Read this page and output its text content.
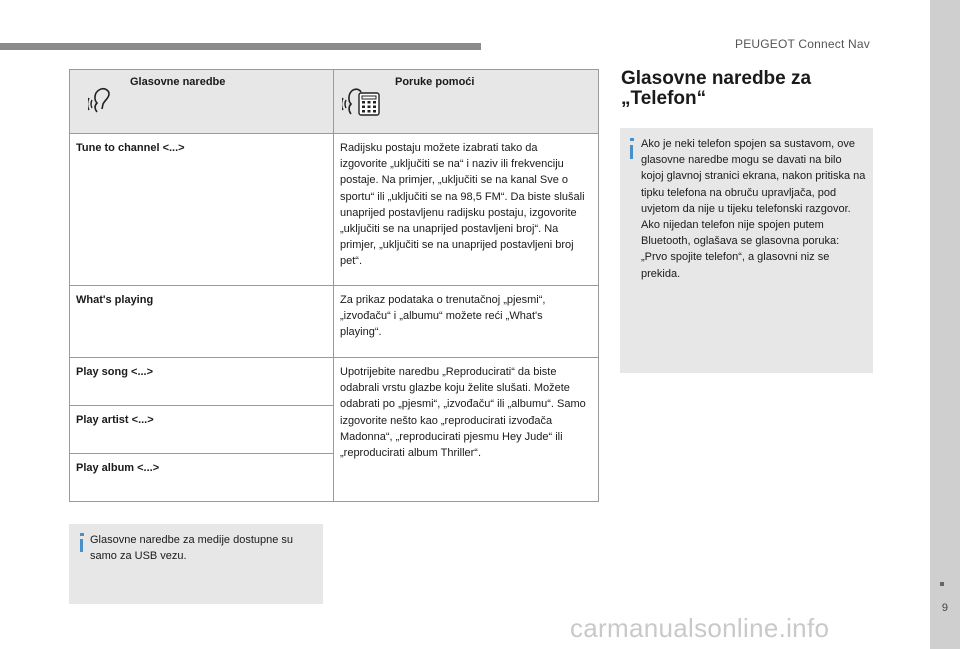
PEUGEOT Connect Nav
9
Glasovne naredbe	Poruke pomoći

Tune to channel <...>	Radijsku postaju možete izabrati tako da izgovorite „uključiti se na“ i naziv ili frekvenciju postaje. Na primjer, „uključiti se na kanal Sve o sportu“ ili „uključiti se na 98,5 FM“. Da biste slušali unaprijed postavljenu radijsku postaju, izgovorite „uključiti se na unaprijed postavljeni broj“. Na primjer, „uključiti se na unaprijed postavljeni broj pet“.

What's playing	Za prikaz podataka o trenutačnoj „pjesmi“, „izvođaču“ i „albumu“ možete reći „What's playing“.

Play song <...>	Upotrijebite naredbu „Reproducirati“ da biste odabrali vrstu glazbe koju želite slušati. Možete odabrati po „pjesmi“, „izvođaču“ ili „albumu“. Samo izgovorite nešto kao „reproducirati izvođača Madonna“, „reproducirati pjesmu Hey Jude“ ili „reproducirati album Thriller“.

Play artist <...>	

Play album <...>	
Glasovne naredbe za medije dostupne su samo za USB vezu.
Glasovne naredbe za
„Telefon“
Ako je neki telefon spojen sa sustavom, ove glasovne naredbe mogu se davati na bilo kojoj glavnoj stranici ekrana, nakon pritiska na tipku telefona na obruču upravljača, pod uvjetom da nije u tijeku telefonski razgovor.
Ako nijedan telefon nije spojen putem Bluetooth, oglašava se glasovna poruka: „Prvo spojite telefon“, a glasovni niz se prekida.
carmanualsonline.info
